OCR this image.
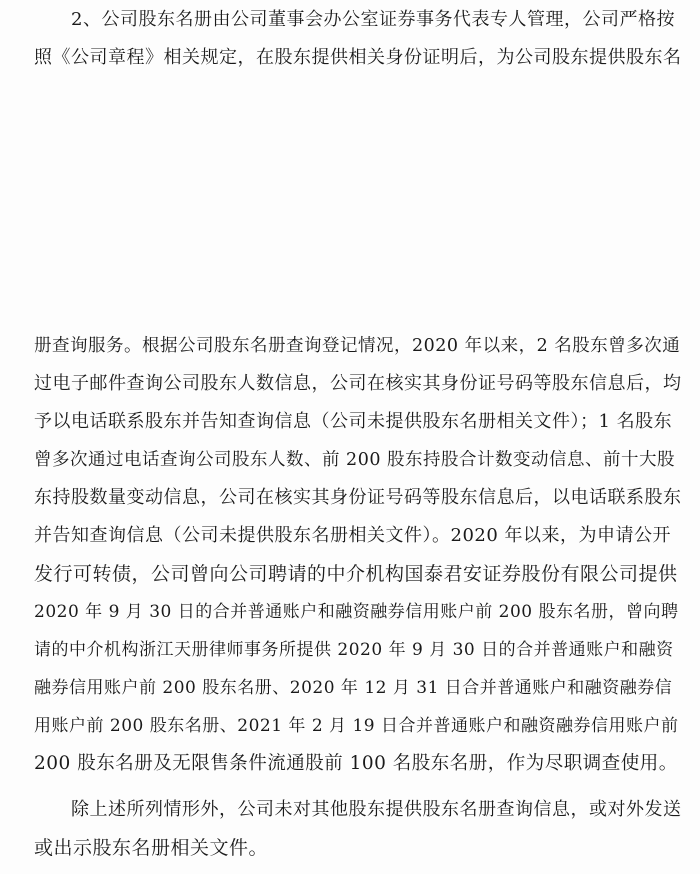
2、公司股东名册由公司董事会办公室证券事务代表专人管理，公司严格按
照《公司章程》相关规定，在股东提供相关身份证明后，为公司股东提供股东名
册查询服务。根据公司股东名册查询登记情况，2020 年以来，2 名股东曾多次通
过电子邮件查询公司股东人数信息，公司在核实其身份证号码等股东信息后，均
予以电话联系股东并告知查询信息（公司未提供股东名册相关文件）；1 名股东
曾多次通过电话查询公司股东人数、前 200 股东持股合计数变动信息、前十大股
东持股数量变动信息，公司在核实其身份证号码等股东信息后，以电话联系股东
并告知查询信息（公司未提供股东名册相关文件）。2020 年以来，为申请公开
发行可转债，公司曾向公司聘请的中介机构国泰君安证券股份有限公司提供
2020 年 9 月 30 日的合并普通账户和融资融券信用账户前 200 股东名册，曾向聘
请的中介机构浙江天册律师事务所提供 2020 年 9 月 30 日的合并普通账户和融资
融券信用账户前 200 股东名册、2020 年 12 月 31 日合并普通账户和融资融券信
用账户前 200 股东名册、2021 年 2 月 19 日合并普通账户和融资融券信用账户前
200 股东名册及无限售条件流通股前 100 名股东名册，作为尽职调查使用。
除上述所列情形外，公司未对其他股东提供股东名册查询信息，或对外发送
或出示股东名册相关文件。
